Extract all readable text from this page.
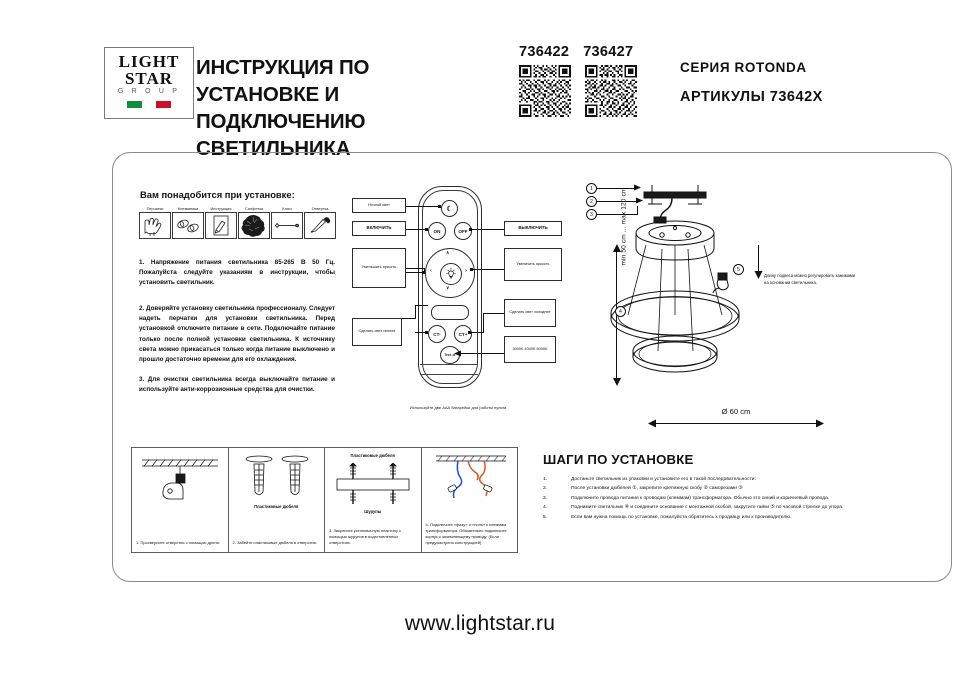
LIGHT
STAR
G R O U P
ИНСТРУКЦИЯ ПО УСТАНОВКЕ И ПОДКЛЮЧЕНИЮ СВЕТИЛЬНИКА
736422 736427
СЕРИЯ ROTONDA
АРТИКУЛЫ 73642X
Вам понадобится при установке:
Перчатки	Клеммники	Инструкция	Салфетка	Ключ	Отвертка
1. Напряжение питания светильника 85-265 В 50 Гц. Пожалуйста следуйте указаниям в инструкции, чтобы установить светильник.
2. Доверяйте установку светильника профессионалу. Следует надеть перчатки для установки светильника. Перед установкой отключите питание в сети. Подключайте питание только после полной установки светильника. К источнику света можно прикасаться только когда питание выключено и прошло достаточно времени для его охлаждения.
3. Для очистки светильника всегда выключайте питание и используйте анти-коррозионные средства для очистки.
☾
ON	OFF
‹	›
∧
∨
CT-	CT+
Tect. or
Ночной свет
ВКЛЮЧИТЬ
Уменьшить яркость
Сделать свет теплее
ВЫКЛЮЧИТЬ
Увеличить яркость
Сделать свет холоднее
3000K 4000K 6000K
Используйте две ААА батарейки для работы пульта
min 50 cm ... max 120 cm
1
2
3
4
5
Длину подвеса можно регулировать зажимами на основании светильника.
Ø 60 cm
1. Просверлите отверстия с помощью дрели.
Пластиковые дюбеля
2. Забейте пластиковые дюбеля в отверстия.
Пластиковые дюбеля
Шурупы
3. Закрепите установочную пластину с помощью шурупов в подготовленных отверстиях.
4. Подключите «фазу» и «ноль» к клеммам трансформатора. Обязательно подключите корпус к заземляющему проводу. (Если предусмотрено конструкцией)
ШАГИ ПО УСТАНОВКЕ
1.	Достаньте светильник из упаковки и установите его в такой последовательности:
2.	После установки дюбелей ①, закрепите крепежную скобу ② саморезами ③
3.	Подключите провода питания к проводам (клеммам) трансформатора. Обычно это синий и коричневый провода.
4.	Поднимите светильник ④ и соедините основание с монтажной скобой, закрутите гайки ⑤ по часовой стрелке до упора.
5.	Если вам нужна помощь по установке, пожалуйста обратитесь к продавцу или к производителю.
www.lightstar.ru
